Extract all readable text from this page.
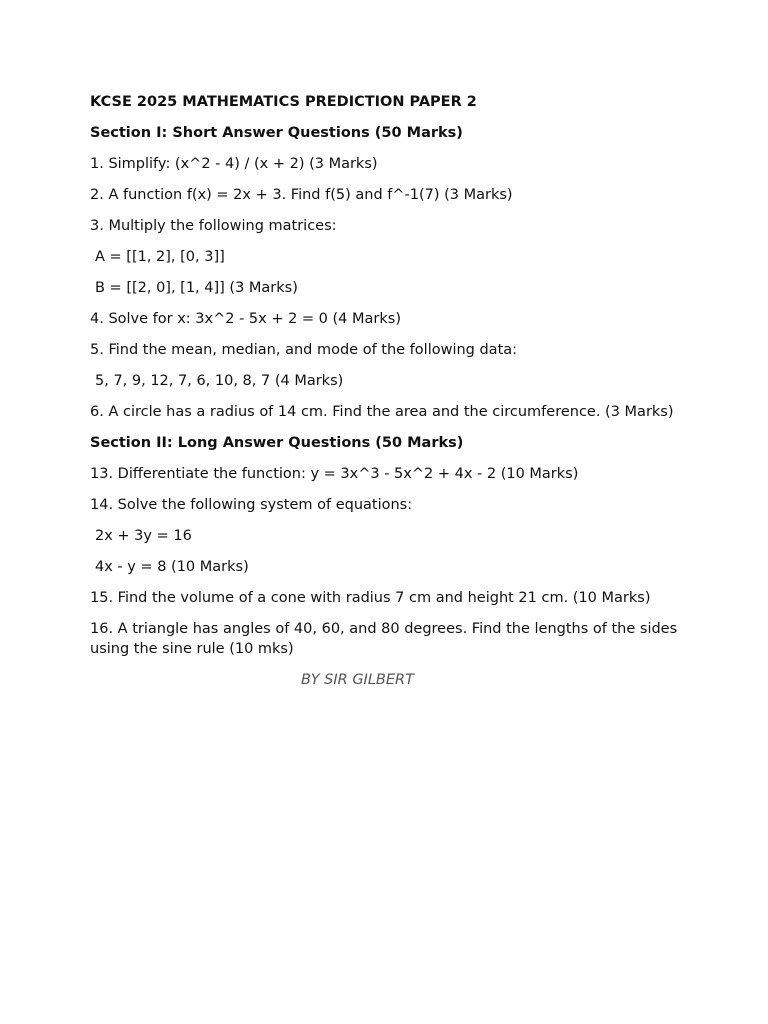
KCSE 2025 MATHEMATICS PREDICTION PAPER 2
Section I: Short Answer Questions (50 Marks)
1. Simplify: (x^2 - 4) / (x + 2) (3 Marks)
2. A function f(x) = 2x + 3. Find f(5) and f^-1(7) (3 Marks)
3. Multiply the following matrices:
A = [[1, 2], [0, 3]]
B = [[2, 0], [1, 4]] (3 Marks)
4. Solve for x: 3x^2 - 5x + 2 = 0 (4 Marks)
5. Find the mean, median, and mode of the following data:
5, 7, 9, 12, 7, 6, 10, 8, 7 (4 Marks)
6. A circle has a radius of 14 cm. Find the area and the circumference. (3 Marks)
Section II: Long Answer Questions (50 Marks)
13. Differentiate the function: y = 3x^3 - 5x^2 + 4x - 2 (10 Marks)
14. Solve the following system of equations:
2x + 3y = 16
4x - y = 8 (10 Marks)
15. Find the volume of a cone with radius 7 cm and height 21 cm. (10 Marks)
16. A triangle has angles of 40, 60, and 80 degrees. Find the lengths of the sides using the sine rule (10 mks)
BY SIR GILBERT
